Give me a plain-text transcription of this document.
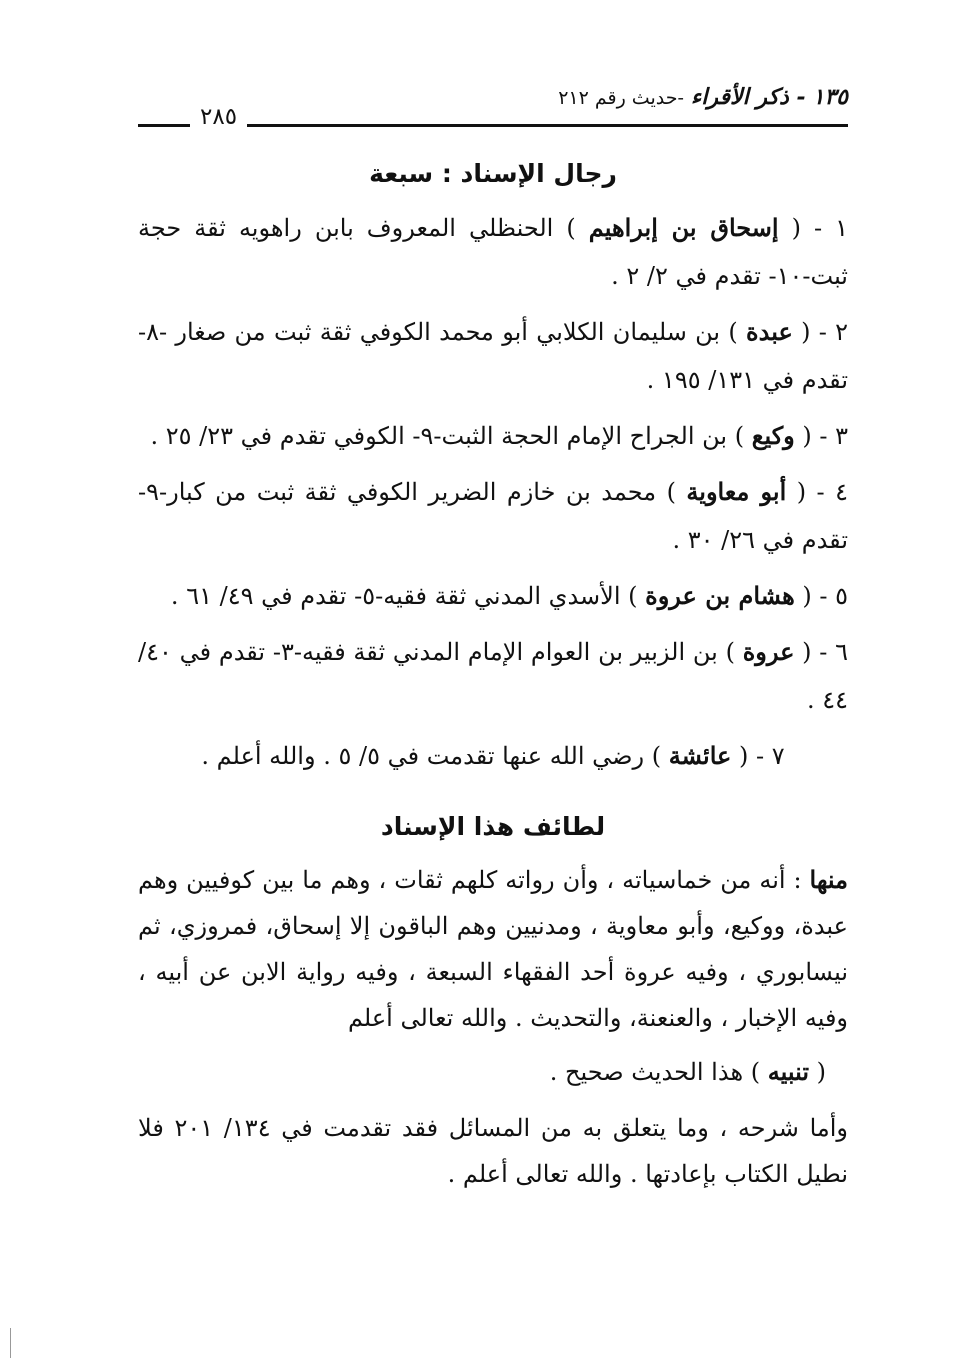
١٣٥ - ذكر الأقراء -حديث رقم ٢١٢
٢٨٥
رجال الإسناد : سبعة

١ - ( إسحاق بن إبراهيم ) الحنظلي المعروف بابن راهويه ثقة حجة ثبت-١٠- تقدم في ٢/ ٢ .

٢ - ( عبدة ) بن سليمان الكلابي أبو محمد الكوفي ثقة ثبت من صغار -٨- تقدم في ١٣١/ ١٩٥ .

٣ - ( وكيع ) بن الجراح الإمام الحجة الثبت-٩- الكوفي تقدم في ٢٣/ ٢٥ .

٤ - ( أبو معاوية ) محمد بن خازم الضرير الكوفي ثقة ثبت من كبار-٩- تقدم في ٢٦/ ٣٠ .

٥ - ( هشام بن عروة ) الأسدي المدني ثقة فقيه-٥- تقدم في ٤٩/ ٦١ .

٦ - ( عروة ) بن الزبير بن العوام الإمام المدني ثقة فقيه-٣- تقدم في ٤٠/ ٤٤ .

٧ - ( عائشة ) رضي الله عنها تقدمت في ٥/ ٥ . والله أعلم .

لطائف هذا الإسناد

منها : أنه من خماسياته ، وأن رواته كلهم ثقات ، وهم ما بين كوفيين وهم عبدة، ووكيع، وأبو معاوية ، ومدنيين وهم الباقون إلا إسحاق، فمروزي، ثم نيسابوري ، وفيه عروة أحد الفقهاء السبعة ، وفيه رواية الابن عن أبيه ، وفيه الإخبار ، والعنعنة، والتحديث . والله تعالى أعلم

( تنبيه ) هذا الحديث صحيح .

وأما شرحه ، وما يتعلق به من المسائل فقد تقدمت في ١٣٤/ ٢٠١ فلا نطيل الكتاب بإعادتها . والله تعالى أعلم .
